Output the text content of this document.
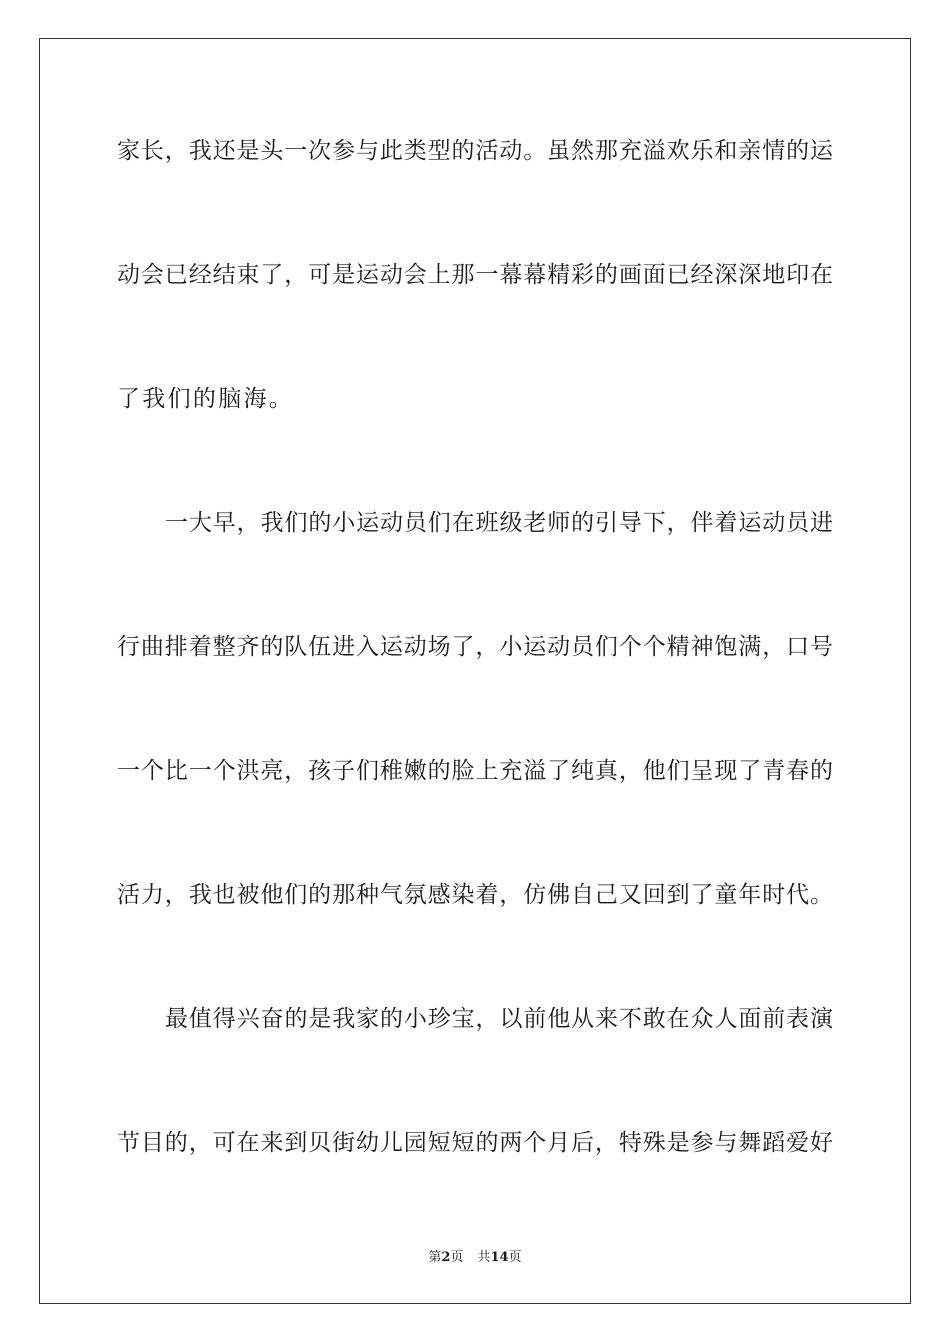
家长，我还是头一次参与此类型的活动。虽然那充溢欢乐和亲情的运
动会已经结束了，可是运动会上那一幕幕精彩的画面已经深深地印在
了我们的脑海。
一大早，我们的小运动员们在班级老师的引导下，伴着运动员进
行曲排着整齐的队伍进入运动场了，小运动员们个个精神饱满，口号
一个比一个洪亮，孩子们稚嫩的脸上充溢了纯真，他们呈现了青春的
活力，我也被他们的那种气氛感染着，仿佛自己又回到了童年时代。
最值得兴奋的是我家的小珍宝，以前他从来不敢在众人面前表演
节目的，可在来到贝街幼儿园短短的两个月后，特殊是参与舞蹈爱好
第2页 共14页
